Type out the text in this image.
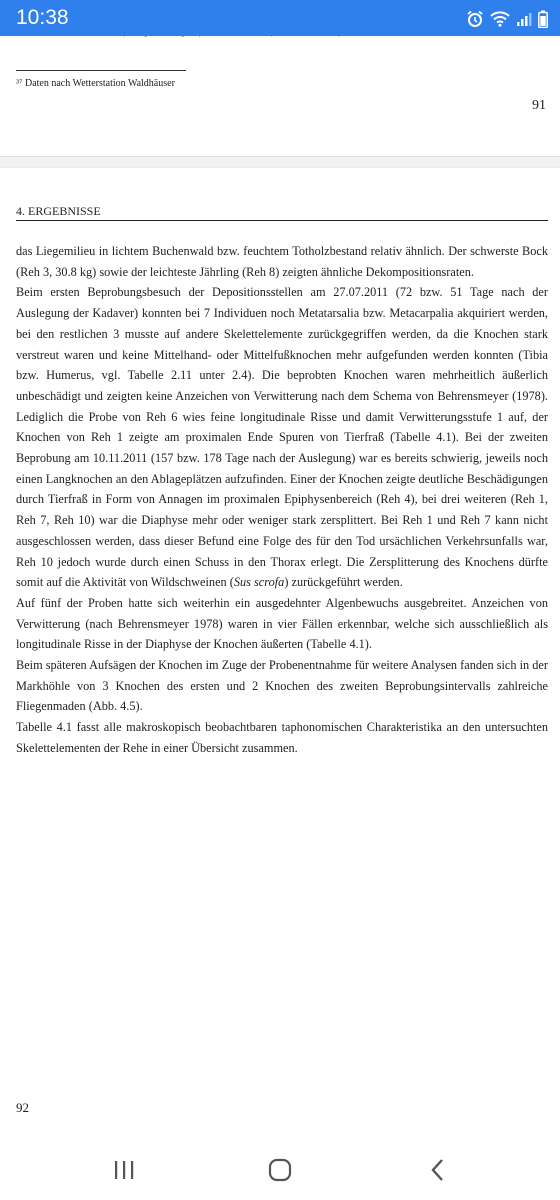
10:38
³⁷ Daten nach Wetterstation Waldhäuser
91
4. ERGEBNISSE

das Liegemilieu in lichtem Buchenwald bzw. feuchtem Totholzbestand relativ ähnlich. Der schwerste Bock (Reh 3, 30.8 kg) sowie der leichteste Jährling (Reh 8) zeigten ähnliche Dekompositionsraten.

Beim ersten Beprobungsbesuch der Depositionsstellen am 27.07.2011 (72 bzw. 51 Tage nach der Auslegung der Kadaver) konnten bei 7 Individuen noch Metatarsalia bzw. Metacarpalia akquiriert werden, bei den restlichen 3 musste auf andere Skelettelemente zurückgegriffen werden, da die Knochen stark verstreut waren und keine Mittelhand- oder Mittelfußknochen mehr aufgefunden werden konnten (Tibia bzw. Humerus, vgl. Tabelle 2.11 unter 2.4). Die beprobten Knochen waren mehrheitlich äußerlich unbeschädigt und zeigten keine Anzeichen von Verwitterung nach dem Schema von Behrensmeyer (1978). Lediglich die Probe von Reh 6 wies feine longitudinale Risse und damit Verwitterungsstufe 1 auf, der Knochen von Reh 1 zeigte am proximalen Ende Spuren von Tierfraß (Tabelle 4.1). Bei der zweiten Beprobung am 10.11.2011 (157 bzw. 178 Tage nach der Auslegung) war es bereits schwierig, jeweils noch einen Langknochen an den Ablageplätzen aufzufinden. Einer der Knochen zeigte deutliche Beschädigungen durch Tierfraß in Form von Annagen im proximalen Epiphysenbereich (Reh 4), bei drei weiteren (Reh 1, Reh 7, Reh 10) war die Diaphyse mehr oder weniger stark zersplittert. Bei Reh 1 und Reh 7 kann nicht ausgeschlossen werden, dass dieser Befund eine Folge des für den Tod ursächlichen Verkehrsunfalls war, Reh 10 jedoch wurde durch einen Schuss in den Thorax erlegt. Die Zersplitterung des Knochens dürfte somit auf die Aktivität von Wildschweinen (Sus scrofa) zurückgeführt werden.

Auf fünf der Proben hatte sich weiterhin ein ausgedehnter Algenbewuchs ausgebreitet. Anzeichen von Verwitterung (nach Behrensmeyer 1978) waren in vier Fällen erkennbar, welche sich ausschließlich als longitudinale Risse in der Diaphyse der Knochen äußerten (Tabelle 4.1).

Beim späteren Aufsägen der Knochen im Zuge der Probenentnahme für weitere Analysen fanden sich in der Markhöhle von 3 Knochen des ersten und 2 Knochen des zweiten Beprobungsintervalls zahlreiche Fliegenmaden (Abb. 4.5).

Tabelle 4.1 fasst alle makroskopisch beobachtbaren taphonomischen Charakteristika an den untersuchten Skelettelementen der Rehe in einer Übersicht zusammen.

92
